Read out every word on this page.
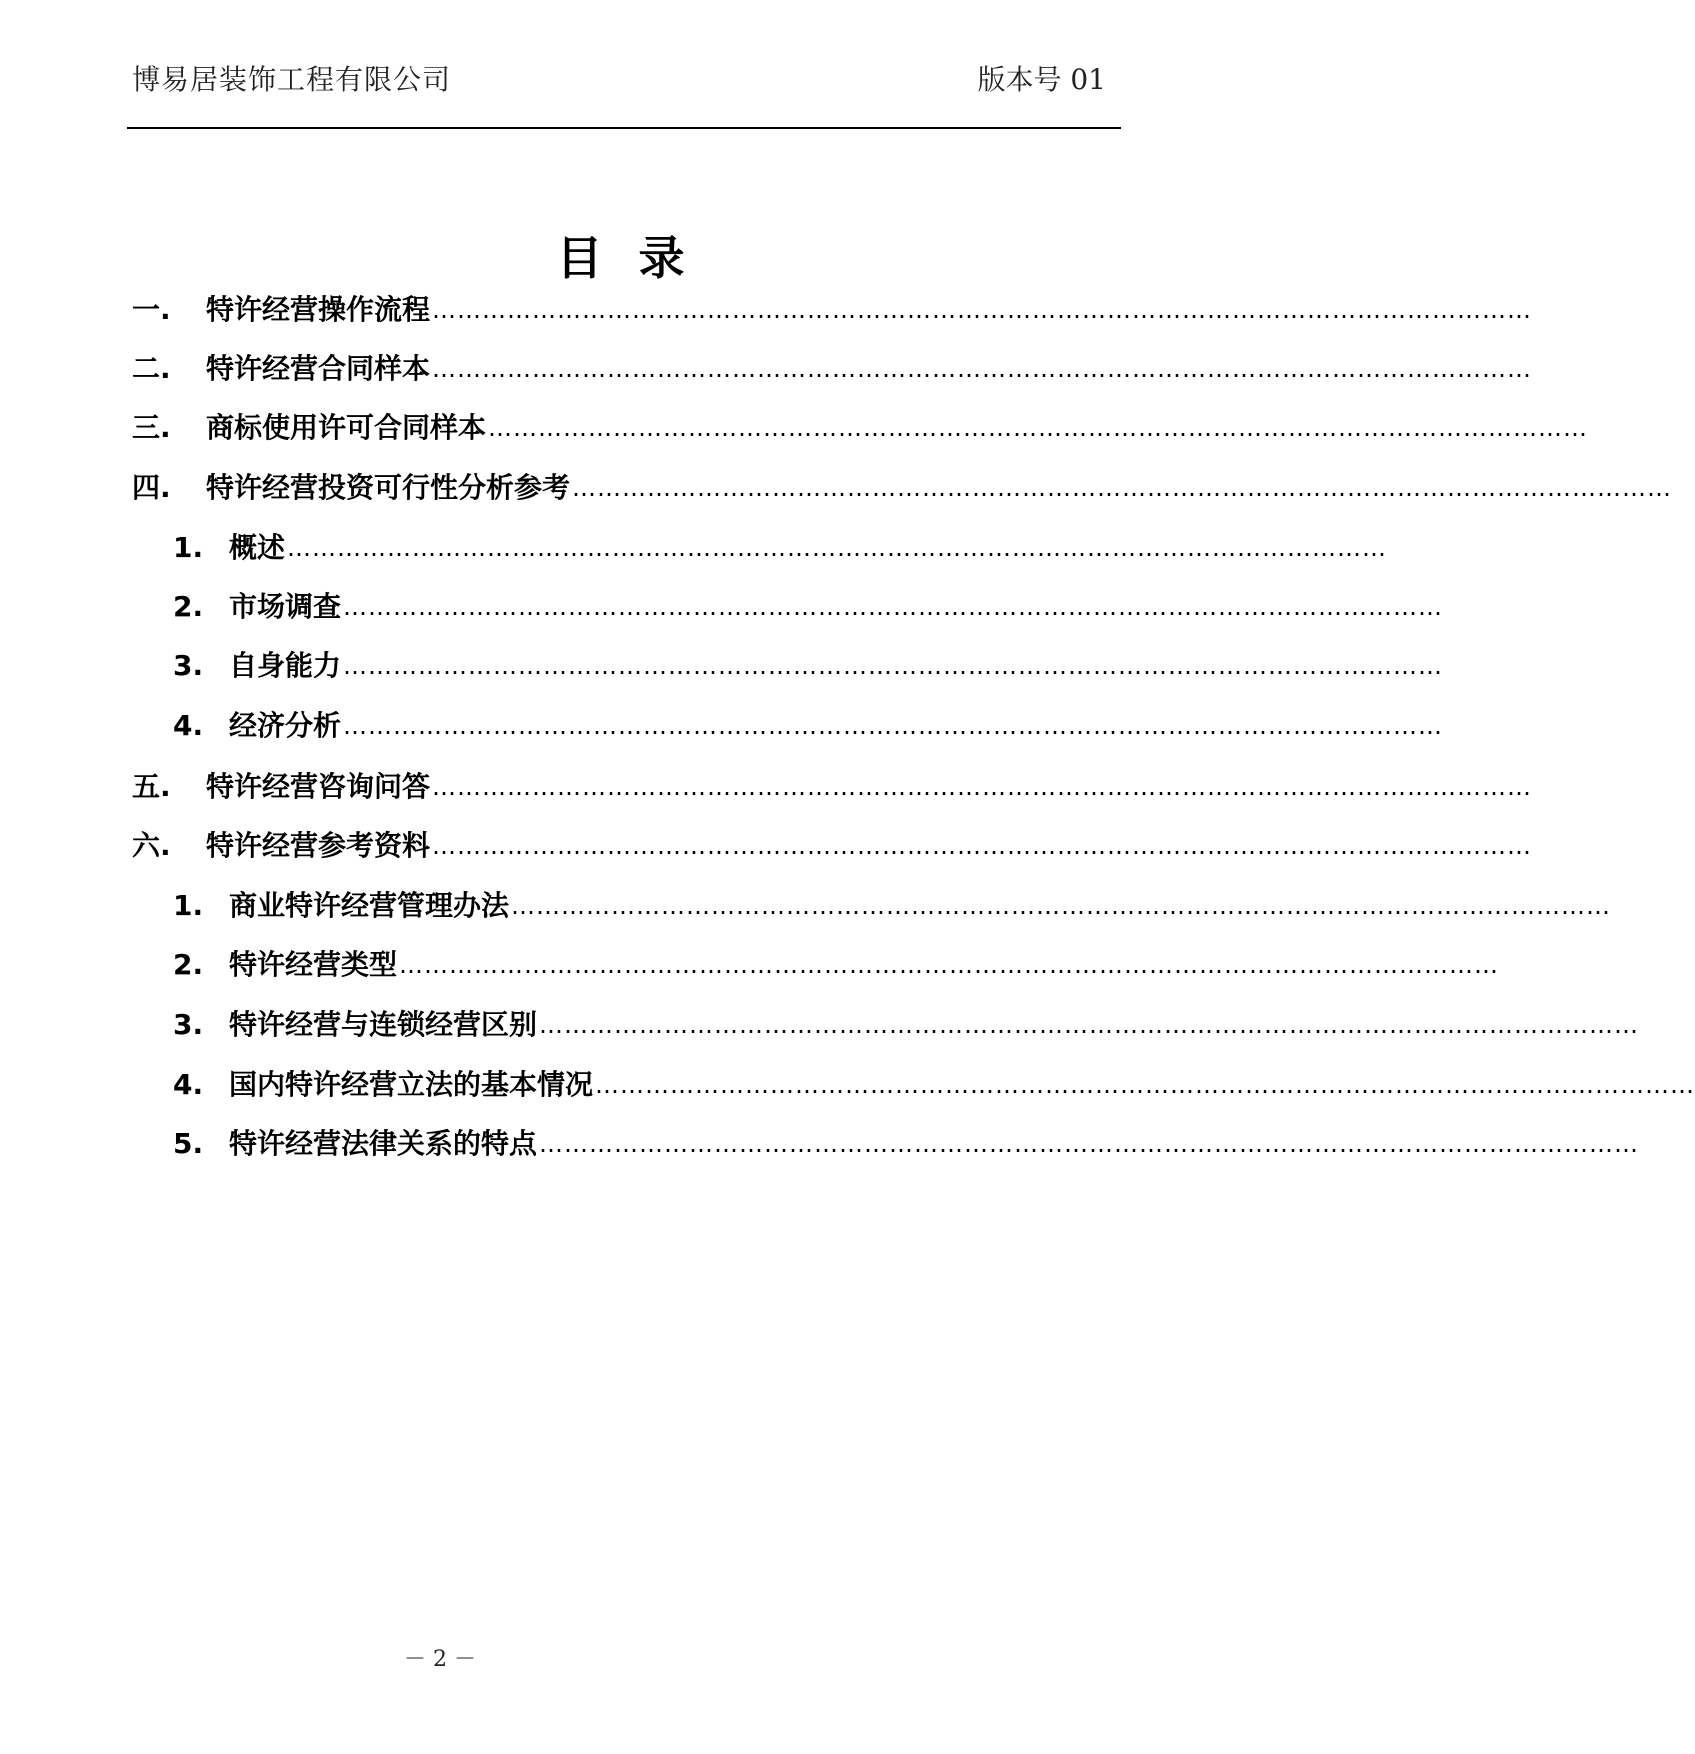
博易居装饰工程有限公司	版本号 01
目录
一.	特许经营操作流程 ……………………………………………………………………………………………………………………
二.	特许经营合同样本 ……………………………………………………………………………………………………………………
三.	商标使用许可合同样本 ……………………………………………………………………………………………………………………
四.	特许经营投资可行性分析参考 ……………………………………………………………………………………………………………………
1. 概述 ……………………………………………………………………………………………………………………
2. 市场调查 ……………………………………………………………………………………………………………………
3. 自身能力 ……………………………………………………………………………………………………………………
4. 经济分析 ……………………………………………………………………………………………………………………
五.	特许经营咨询问答 ……………………………………………………………………………………………………………………
六.	特许经营参考资料 ……………………………………………………………………………………………………………………
1. 商业特许经营管理办法 ……………………………………………………………………………………………………………………
2. 特许经营类型 ……………………………………………………………………………………………………………………
3. 特许经营与连锁经营区别 ……………………………………………………………………………………………………………………
4. 国内特许经营立法的基本情况 ……………………………………………………………………………………………………………………
5. 特许经营法律关系的特点 ……………………………………………………………………………………………………………………
－ 2 －
